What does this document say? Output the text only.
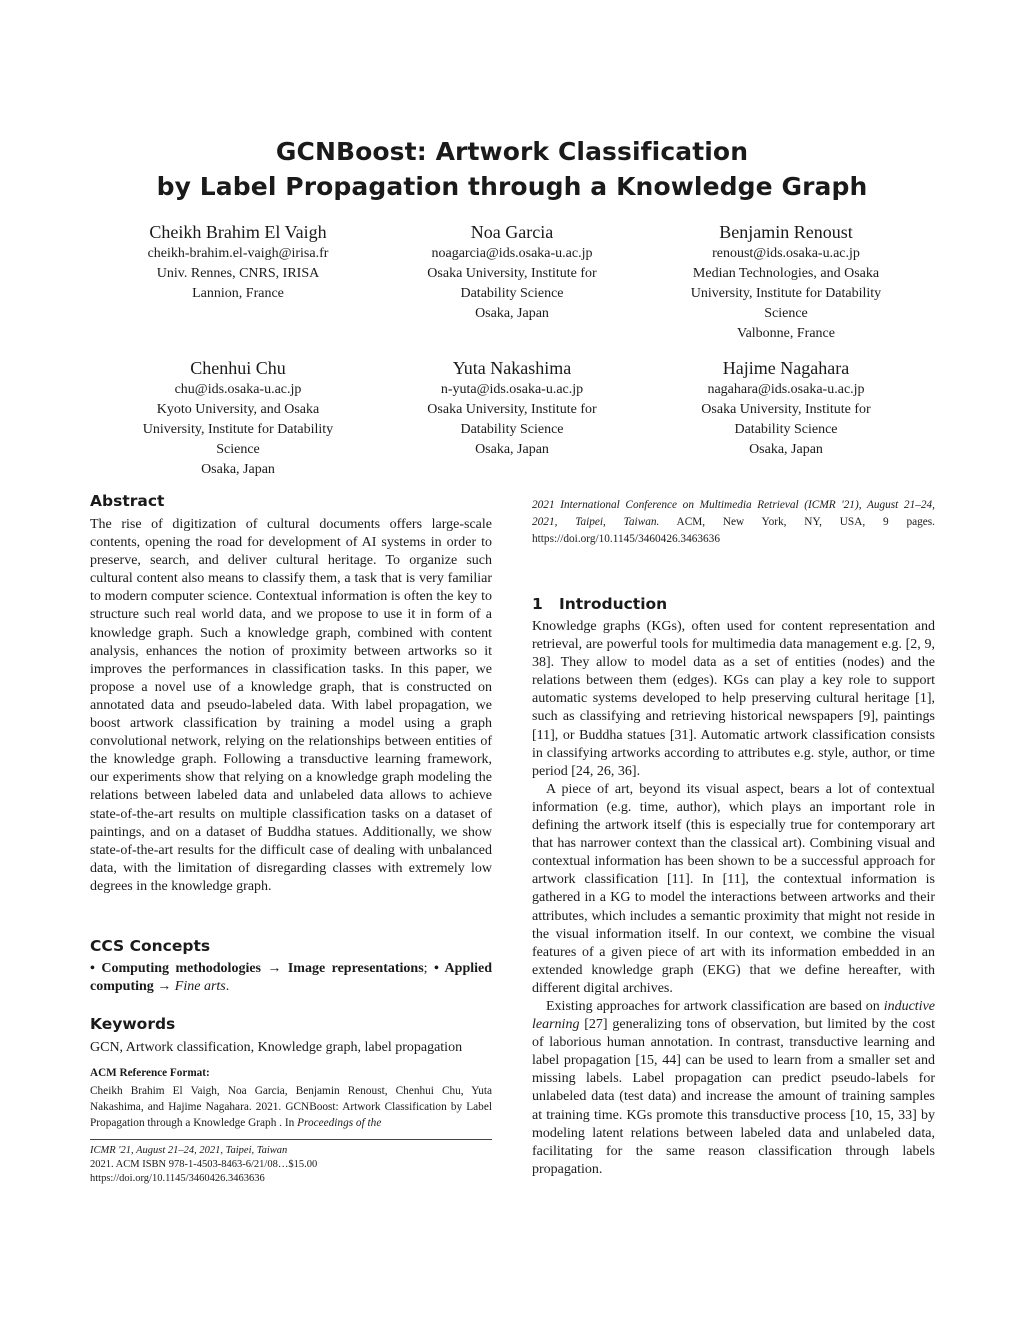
GCNBoost: Artwork Classification
by Label Propagation through a Knowledge Graph
Cheikh Brahim El Vaigh
cheikh-brahim.el-vaigh@irisa.fr
Univ. Rennes, CNRS, IRISA
Lannion, France
Noa Garcia
noagarcia@ids.osaka-u.ac.jp
Osaka University, Institute for
Datability Science
Osaka, Japan
Benjamin Renoust
renoust@ids.osaka-u.ac.jp
Median Technologies, and Osaka
University, Institute for Datability
Science
Valbonne, France
Chenhui Chu
chu@ids.osaka-u.ac.jp
Kyoto University, and Osaka
University, Institute for Datability
Science
Osaka, Japan
Yuta Nakashima
n-yuta@ids.osaka-u.ac.jp
Osaka University, Institute for
Datability Science
Osaka, Japan
Hajime Nagahara
nagahara@ids.osaka-u.ac.jp
Osaka University, Institute for
Datability Science
Osaka, Japan
Abstract

The rise of digitization of cultural documents offers large-scale contents, opening the road for development of AI systems in order to preserve, search, and deliver cultural heritage. To organize such cultural content also means to classify them, a task that is very familiar to modern computer science. Contextual information is often the key to structure such real world data, and we propose to use it in form of a knowledge graph. Such a knowledge graph, combined with content analysis, enhances the notion of proximity between artworks so it improves the performances in classification tasks. In this paper, we propose a novel use of a knowledge graph, that is constructed on annotated data and pseudo-labeled data. With label propagation, we boost artwork classification by training a model using a graph convolutional network, relying on the relationships between entities of the knowledge graph. Following a transductive learning framework, our experiments show that relying on a knowledge graph modeling the relations between labeled data and unlabeled data allows to achieve state-of-the-art results on multiple classification tasks on a dataset of paintings, and on a dataset of Buddha statues. Additionally, we show state-of-the-art results for the difficult case of dealing with unbalanced data, with the limitation of disregarding classes with extremely low degrees in the knowledge graph.

CCS Concepts

• Computing methodologies → Image representations; • Applied computing → Fine arts.

Keywords

GCN, Artwork classification, Knowledge graph, label propagation

ACM Reference Format:

Cheikh Brahim El Vaigh, Noa Garcia, Benjamin Renoust, Chenhui Chu, Yuta Nakashima, and Hajime Nagahara. 2021. GCNBoost: Artwork Classification by Label Propagation through a Knowledge Graph . In Proceedings of the

ICMR '21, August 21–24, 2021, Taipei, Taiwan
2021. ACM ISBN 978-1-4503-8463-6/21/08…$15.00
https://doi.org/10.1145/3460426.3463636

2021 International Conference on Multimedia Retrieval (ICMR '21), August 21–24, 2021, Taipei, Taiwan. ACM, New York, NY, USA, 9 pages. https://doi.org/10.1145/3460426.3463636

1   Introduction

Knowledge graphs (KGs), often used for content representation and retrieval, are powerful tools for multimedia data management e.g. [2, 9, 38]. They allow to model data as a set of entities (nodes) and the relations between them (edges). KGs can play a key role to support automatic systems developed to help preserving cultural heritage [1], such as classifying and retrieving historical newspapers [9], paintings [11], or Buddha statues [31]. Automatic artwork classification consists in classifying artworks according to attributes e.g. style, author, or time period [24, 26, 36].

A piece of art, beyond its visual aspect, bears a lot of contextual information (e.g. time, author), which plays an important role in defining the artwork itself (this is especially true for contemporary art that has narrower context than the classical art). Combining visual and contextual information has been shown to be a successful approach for artwork classification [11]. In [11], the contextual information is gathered in a KG to model the interactions between artworks and their attributes, which includes a semantic proximity that might not reside in the visual information itself. In our context, we combine the visual features of a given piece of art with its information embedded in an extended knowledge graph (EKG) that we define hereafter, with different digital archives.

Existing approaches for artwork classification are based on inductive learning [27] generalizing tons of observation, but limited by the cost of laborious human annotation. In contrast, transductive learning and label propagation [15, 44] can be used to learn from a smaller set and missing labels. Label propagation can predict pseudo-labels for unlabeled data (test data) and increase the amount of training samples at training time. KGs promote this transductive process [10, 15, 33] by modeling latent relations between labeled data and unlabeled data, facilitating for the same reason classification through labels propagation.
